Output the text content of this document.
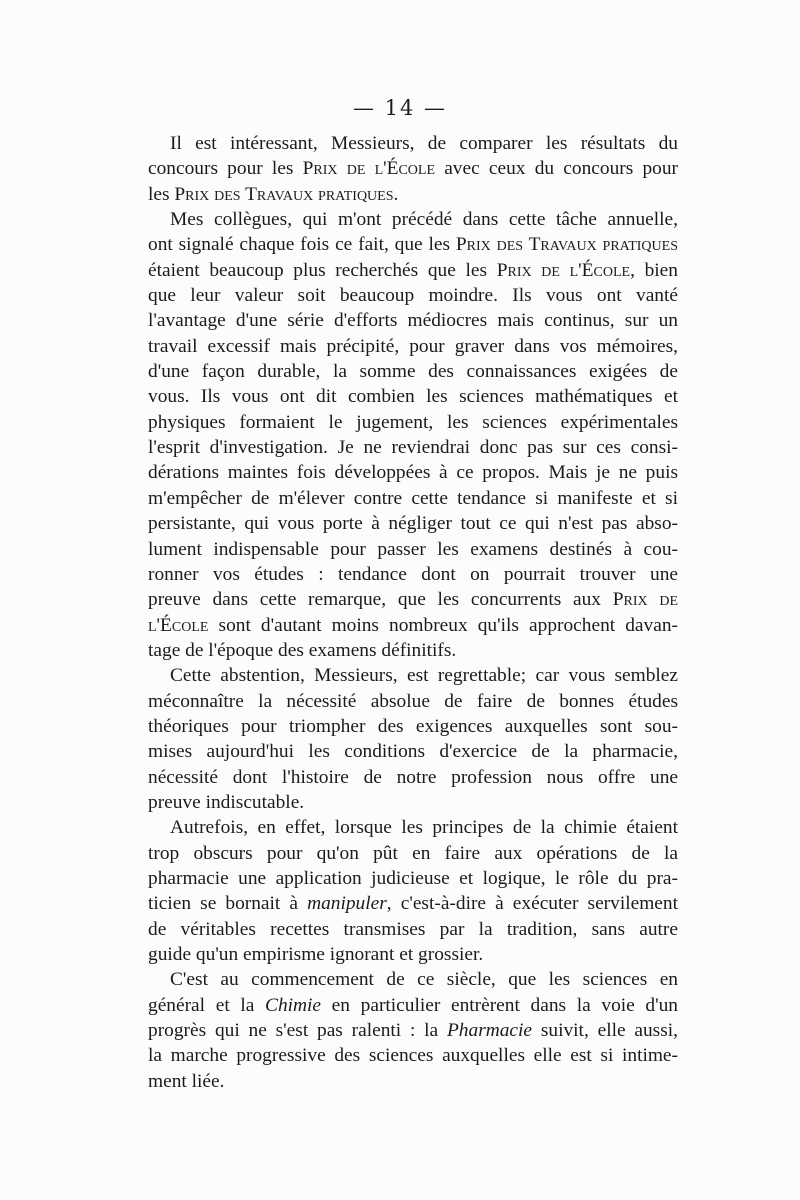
— 14 —

Il est intéressant, Messieurs, de comparer les résultats du
concours pour les Prix de l'École avec ceux du concours pour
les Prix des Travaux pratiques.

Mes collègues, qui m'ont précédé dans cette tâche annuelle,
ont signalé chaque fois ce fait, que les Prix des Travaux pratiques
étaient beaucoup plus recherchés que les Prix de l'École, bien
que leur valeur soit beaucoup moindre. Ils vous ont vanté
l'avantage d'une série d'efforts médiocres mais continus, sur un
travail excessif mais précipité, pour graver dans vos mémoires,
d'une façon durable, la somme des connaissances exigées de
vous. Ils vous ont dit combien les sciences mathématiques et
physiques formaient le jugement, les sciences expérimentales
l'esprit d'investigation. Je ne reviendrai donc pas sur ces consi-
dérations maintes fois développées à ce propos. Mais je ne puis
m'empêcher de m'élever contre cette tendance si manifeste et si
persistante, qui vous porte à négliger tout ce qui n'est pas abso-
lument indispensable pour passer les examens destinés à cou-
ronner vos études : tendance dont on pourrait trouver une
preuve dans cette remarque, que les concurrents aux Prix de
l'École sont d'autant moins nombreux qu'ils approchent davan-
tage de l'époque des examens définitifs.

Cette abstention, Messieurs, est regrettable; car vous semblez
méconnaître la nécessité absolue de faire de bonnes études
théoriques pour triompher des exigences auxquelles sont sou-
mises aujourd'hui les conditions d'exercice de la pharmacie,
nécessité dont l'histoire de notre profession nous offre une
preuve indiscutable.

Autrefois, en effet, lorsque les principes de la chimie étaient
trop obscurs pour qu'on pût en faire aux opérations de la
pharmacie une application judicieuse et logique, le rôle du pra-
ticien se bornait à manipuler, c'est-à-dire à exécuter servilement
de véritables recettes transmises par la tradition, sans autre
guide qu'un empirisme ignorant et grossier.

C'est au commencement de ce siècle, que les sciences en
général et la Chimie en particulier entrèrent dans la voie d'un
progrès qui ne s'est pas ralenti : la Pharmacie suivit, elle aussi,
la marche progressive des sciences auxquelles elle est si intime-
ment liée.
